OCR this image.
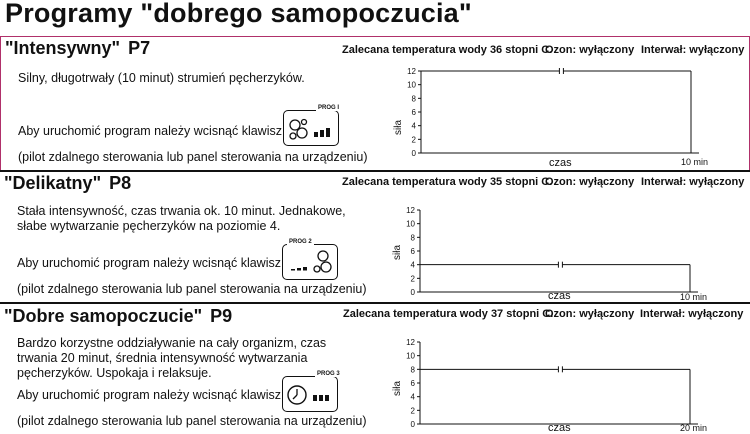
Programy "dobrego samopoczucia"
"Intensywny" P7	Zalecana temperatura wody 36 stopni C.
Ozon: wyłączony Interwał: wyłączony
Silny, długotrwały (10 minut) strumień pęcherzyków.
Aby uruchomić program należy wcisnąć klawisz
PROG I
(pilot zdalnego sterowania lub panel sterowania na urządzeniu)	0
2
4
6
8
10
12
siła
czas	10 min
"Delikatny" P8	Zalecana temperatura wody 35 stopni C.
Ozon: wyłączony Interwał: wyłączony
Stała intensywność, czas trwania ok. 10 minut. Jednakowe,
słabe wytwarzanie pęcherzyków na poziomie 4.
Aby uruchomić program należy wcisnąć klawisz
PROG 2
(pilot zdalnego sterowania lub panel sterowania na urządzeniu)	0
2
4
6
8
10
12
siła
czas	10 min
"Dobre samopoczucie" P9	Zalecana temperatura wody 37 stopni C.
Ozon: wyłączony Interwał: wyłączony
Bardzo korzystne oddziaływanie na cały organizm, czas
trwania 20 minut, średnia intensywność wytwarzania
pęcherzyków. Uspokaja i relaksuje.
Aby uruchomić program należy wcisnąć klawisz
PROG 3
(pilot zdalnego sterowania lub panel sterowania na urządzeniu)	0
2
4
6
8
10
12
siła
czas	20 min
